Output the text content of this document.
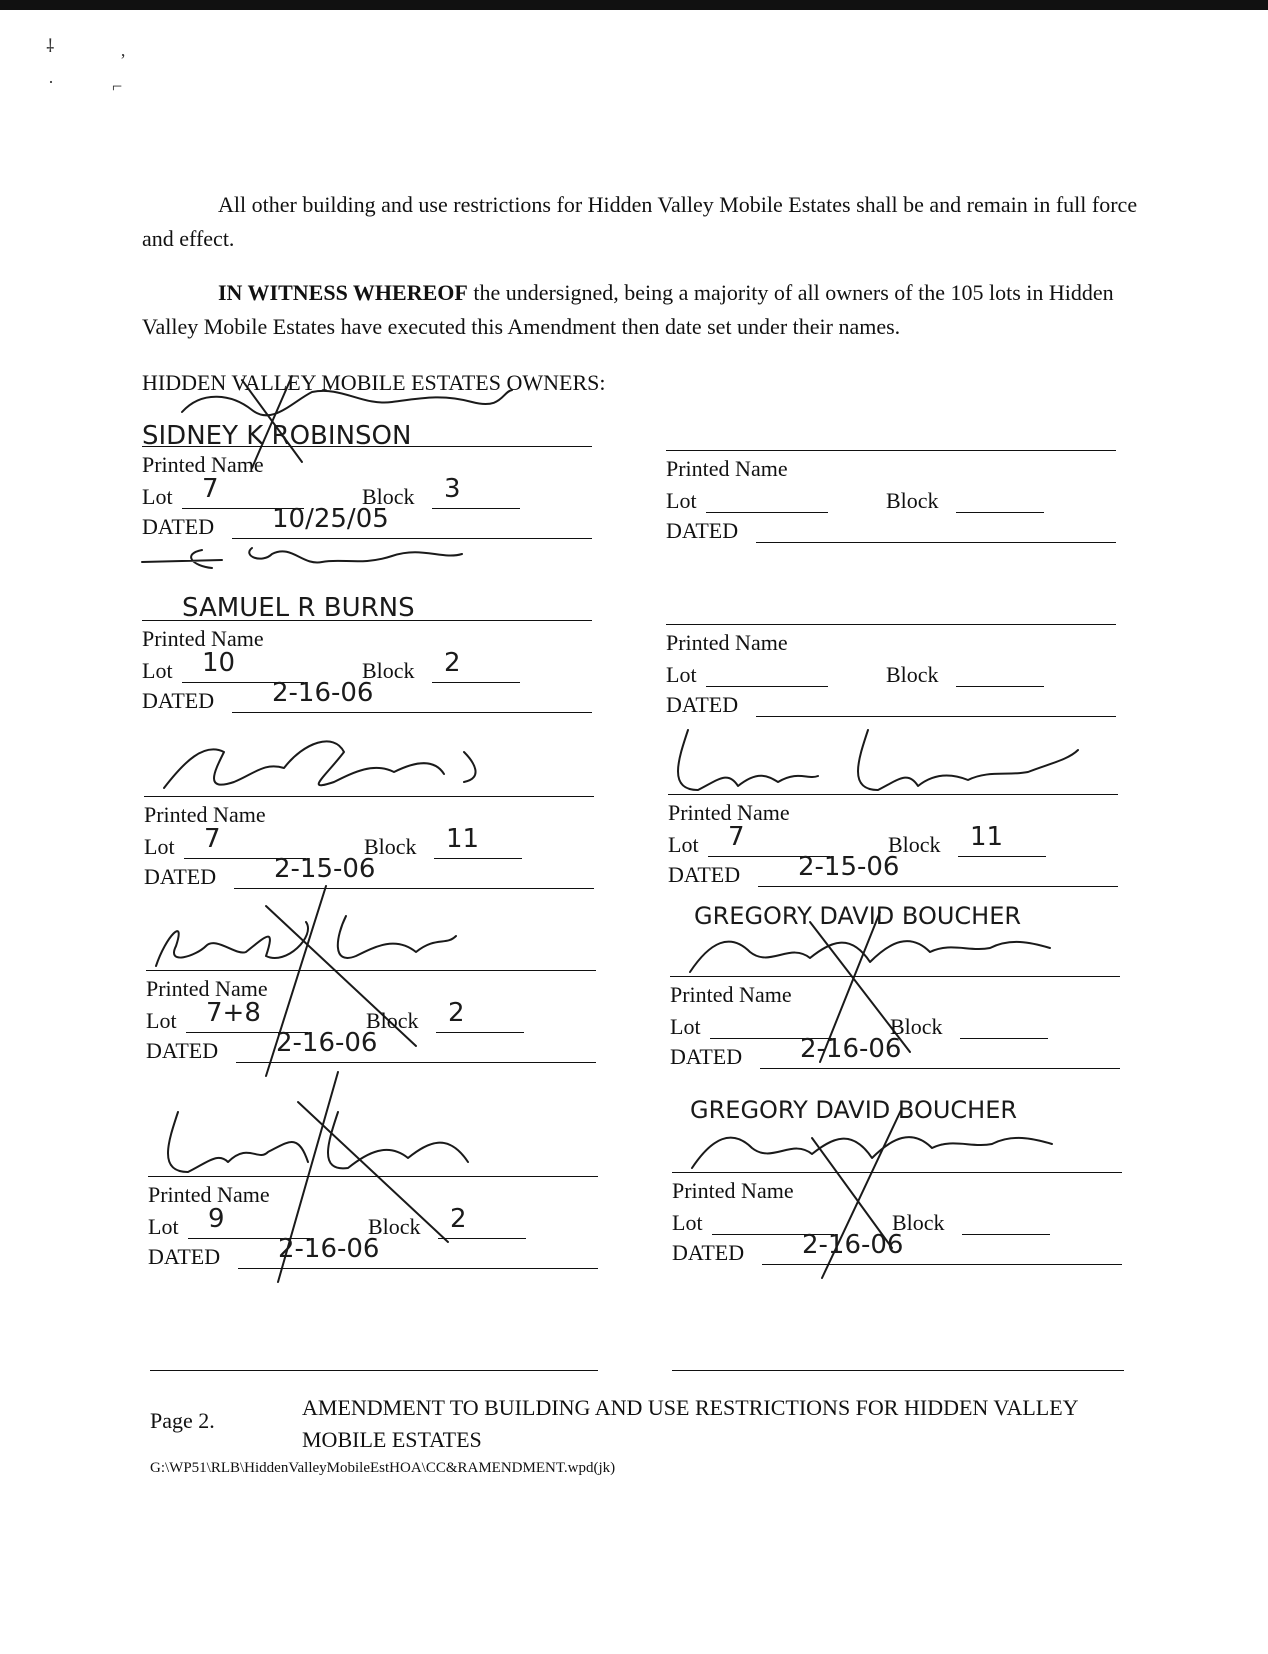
⸸	‚
·	⌐

All other building and use restrictions for Hidden Valley Mobile Estates shall be and remain in full force and effect.

IN WITNESS WHEREOF the undersigned, being a majority of all owners of the 105 lots in Hidden Valley Mobile Estates have executed this Amendment then date set under their names.

HIDDEN VALLEY MOBILE ESTATES OWNERS:
SIDNEY K ROBINSON
Printed Name
Lot 7	Block 3
DATED 10/25/05
SAMUEL R BURNS
Printed Name
Lot 10	Block 2
DATED 2-16-06
Printed Name
Lot 7	Block 11
DATED 2-15-06
Printed Name
Lot 7+8	Block 2
DATED 2-16-06
Printed Name
Lot 9	Block 2
DATED 2-16-06
Printed Name
Lot	Block
DATED
Printed Name
Lot	Block
DATED
Printed Name
Lot 7	Block 11
DATED 2-15-06
GREGORY DAVID BOUCHER
Printed Name
Lot	Block
DATED 2-16-06
GREGORY DAVID BOUCHER
Printed Name
Lot	Block
DATED 2-16-06
Page 2.
AMENDMENT TO BUILDING AND USE RESTRICTIONS FOR HIDDEN VALLEY MOBILE ESTATES
G:\WP51\RLB\HiddenValleyMobileEstHOA\CC&RAMENDMENT.wpd(jk)
